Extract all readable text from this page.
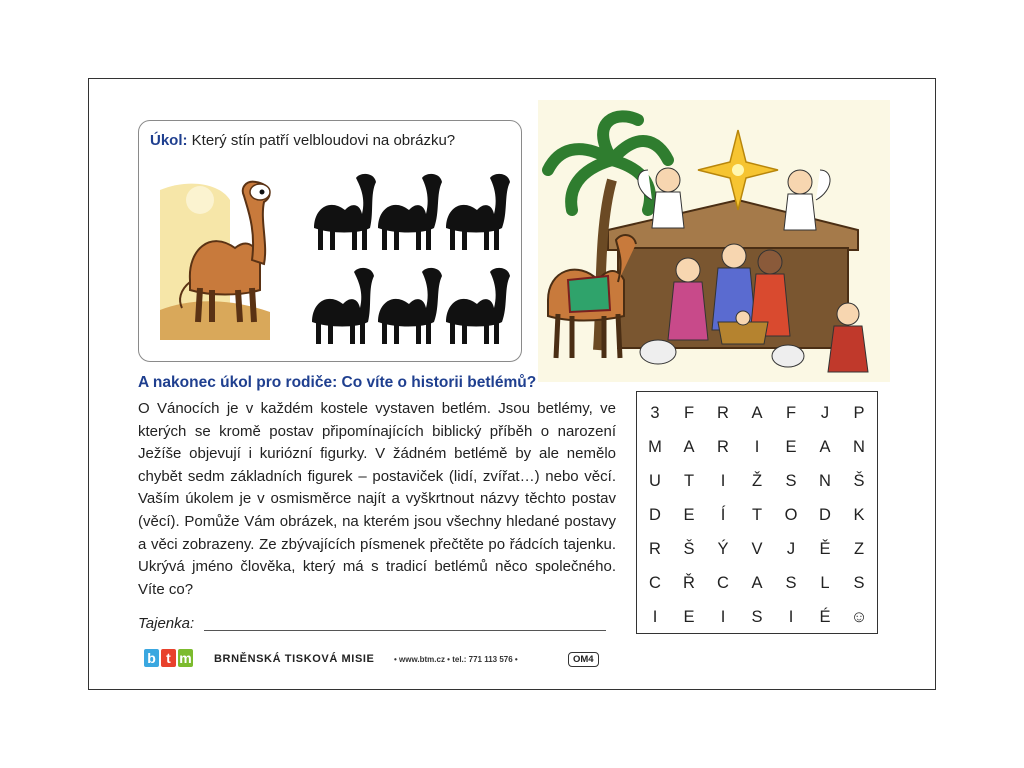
Úkol: Který stín patří velbloudovi na obrázku?
A nakonec úkol pro rodiče: Co víte o historii betlémů?
O Vánocích je v každém kostele vystaven betlém. Jsou betlémy, ve kterých se kromě postav připomínajících biblický příběh o narození Ježíše objevují i kuriózní figurky. V žádném betlémě by ale nemělo chybět sedm základních figurek – postaviček (lidí, zvířat…) nebo věcí. Vaším úkolem je v osmisměrce najít a vyškrtnout názvy těchto postav (věcí). Pomůže Vám obrázek, na kterém jsou všechny hledané postavy a věci zobrazeny. Ze zbývajících písmenek přečtěte po řádcích tajenku. Ukrývá jméno člověka, který má s tradicí betlémů něco společného. Víte co?
Tajenka:
3	F	R	A	F	J	P
M	A	R	I	E	A	N
U	T	I	Ž	S	N	Š
D	E	Í	T	O	D	K
R	Š	Ý	V	J	Ě	Z
C	Ř	C	A	S	L	S
I	E	I	S	I	É	☺
b t m BRNĚNSKÁ TISKOVÁ MISIE • www.btm.cz • tel.: 771 113 576 •	OM4
